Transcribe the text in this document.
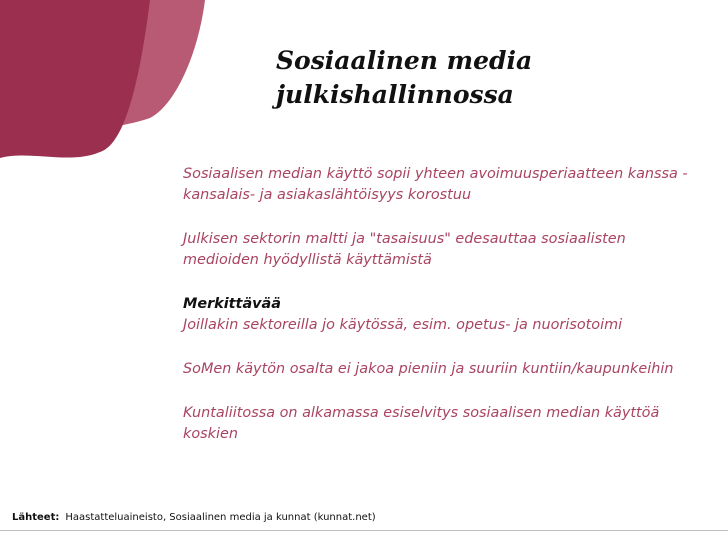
Sosiaalinen media
julkishallinnossa

Sosiaalisen median käyttö sopii yhteen avoimuusperiaatteen kanssa - kansalais- ja asiakaslähtöisyys korostuu

Julkisen sektorin maltti ja "tasaisuus" edesauttaa sosiaalisten medioiden hyödyllistä käyttämistä

Merkittävää

Joillakin sektoreilla jo käytössä, esim. opetus- ja nuorisotoimi

SoMen käytön osalta ei jakoa pieniin ja suuriin kuntiin/kaupunkeihin

Kuntaliitossa on alkamassa esiselvitys sosiaalisen median käyttöä koskien

Lähteet: Haastatteluaineisto, Sosiaalinen media ja kunnat (kunnat.net)
